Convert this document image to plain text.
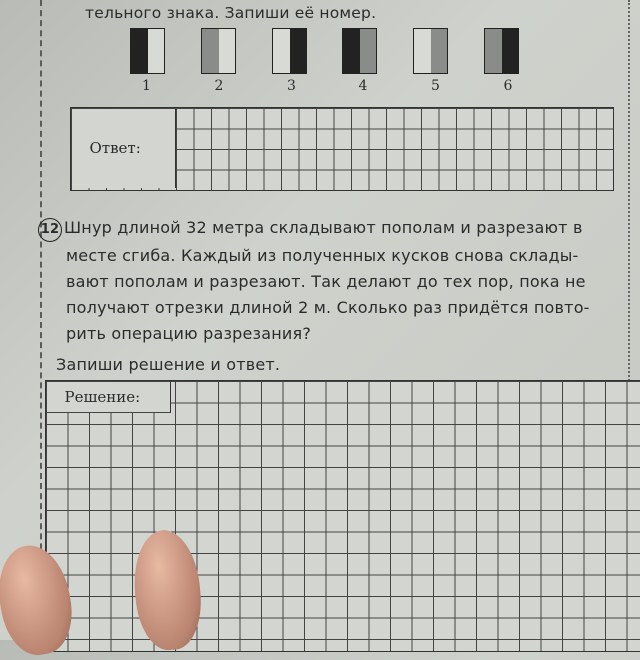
тельного знака. Запиши её номер.
1	2	3	4	5	6
Ответ:
12 Шнур длиной 32 метра складывают пополам и разрезают в
месте сгиба. Каждый из полученных кусков снова склады-
вают пополам и разрезают. Так делают до тех пор, пока не
получают отрезки длиной 2 м. Сколько раз придётся повто-
рить операцию разрезания?
Запиши решение и ответ.
Решение:
